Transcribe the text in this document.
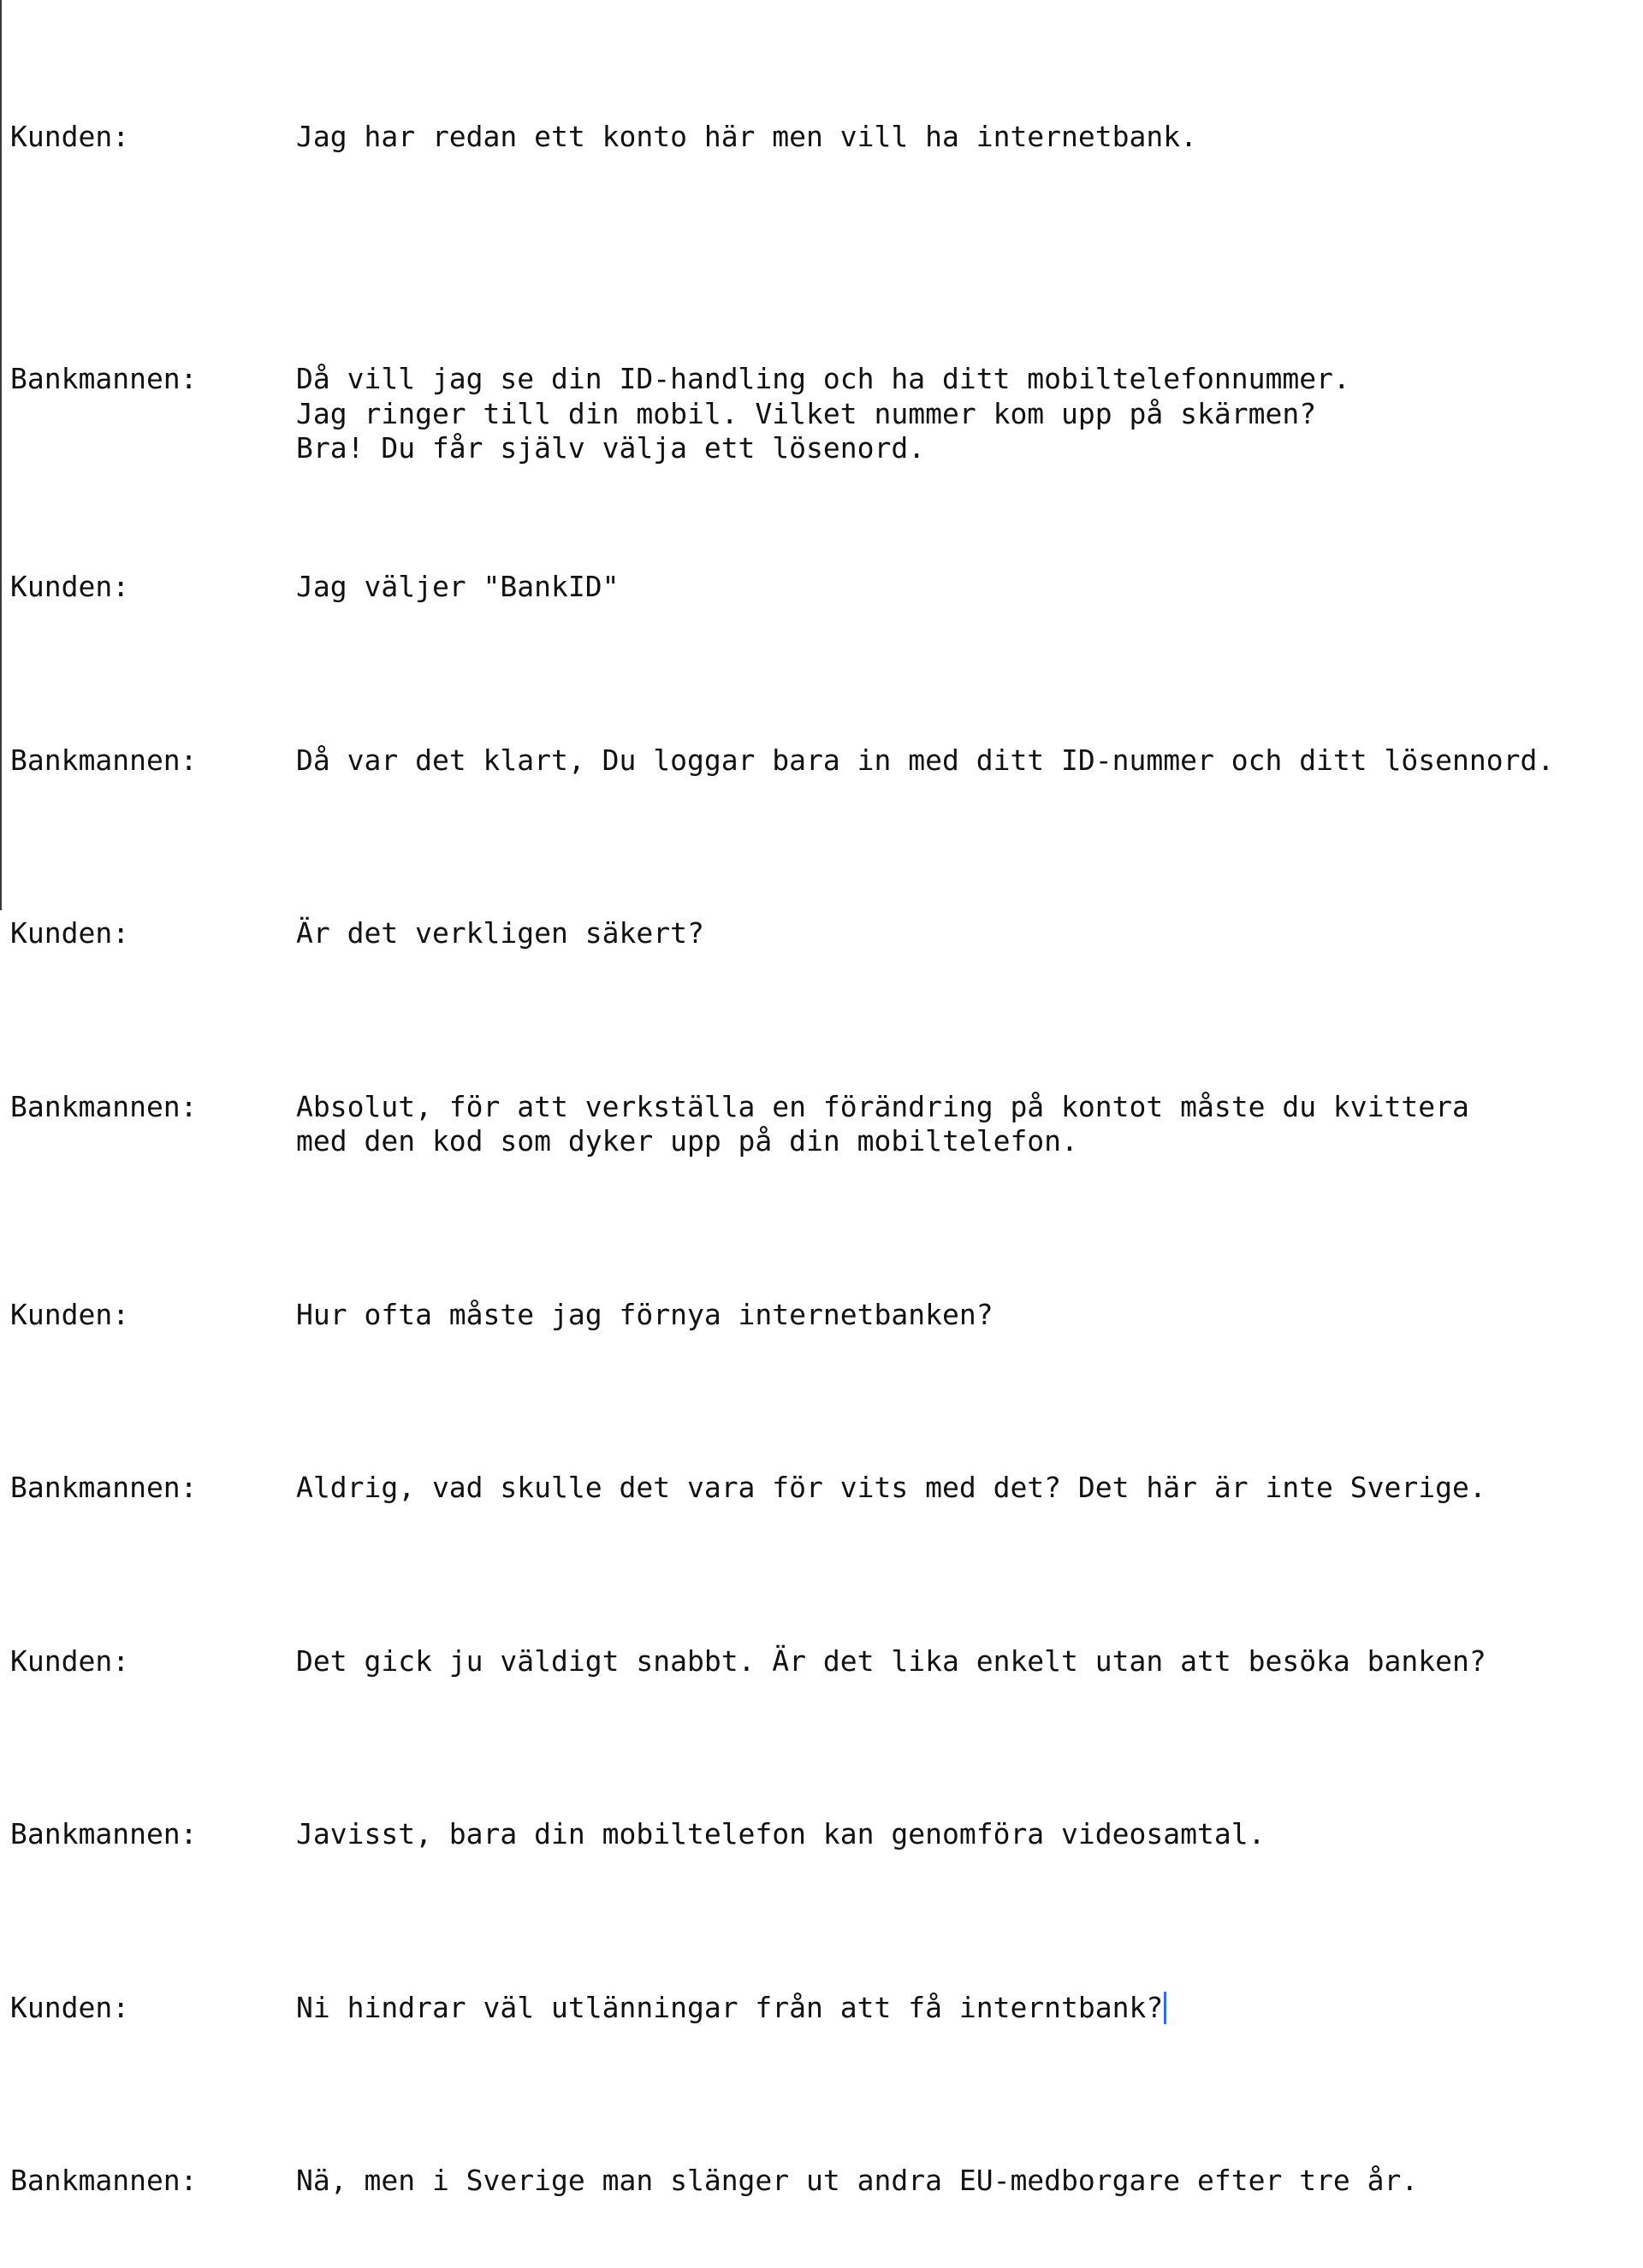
Kunden:	Jag har redan ett konto här men vill ha internetbank.

Bankmannen:	Då vill jag se din ID-handling och ha ditt mobiltelefonnummer.
Jag ringer till din mobil. Vilket nummer kom upp på skärmen?
Bra! Du får själv välja ett lösenord.

Kunden:	Jag väljer "BankID"

Bankmannen:	Då var det klart, Du loggar bara in med ditt ID-nummer och ditt lösennord.

Kunden:	Är det verkligen säkert?

Bankmannen:	Absolut, för att verkställa en förändring på kontot måste du kvittera
med den kod som dyker upp på din mobiltelefon.

Kunden:	Hur ofta måste jag förnya internetbanken?

Bankmannen:	Aldrig, vad skulle det vara för vits med det? Det här är inte Sverige.

Kunden:	Det gick ju väldigt snabbt. Är det lika enkelt utan att besöka banken?

Bankmannen:	Javisst, bara din mobiltelefon kan genomföra videosamtal.

Kunden:	Ni hindrar väl utlänningar från att få interntbank?

Bankmannen:	Nä, men i Sverige man slänger ut andra EU-medborgare efter tre år.
